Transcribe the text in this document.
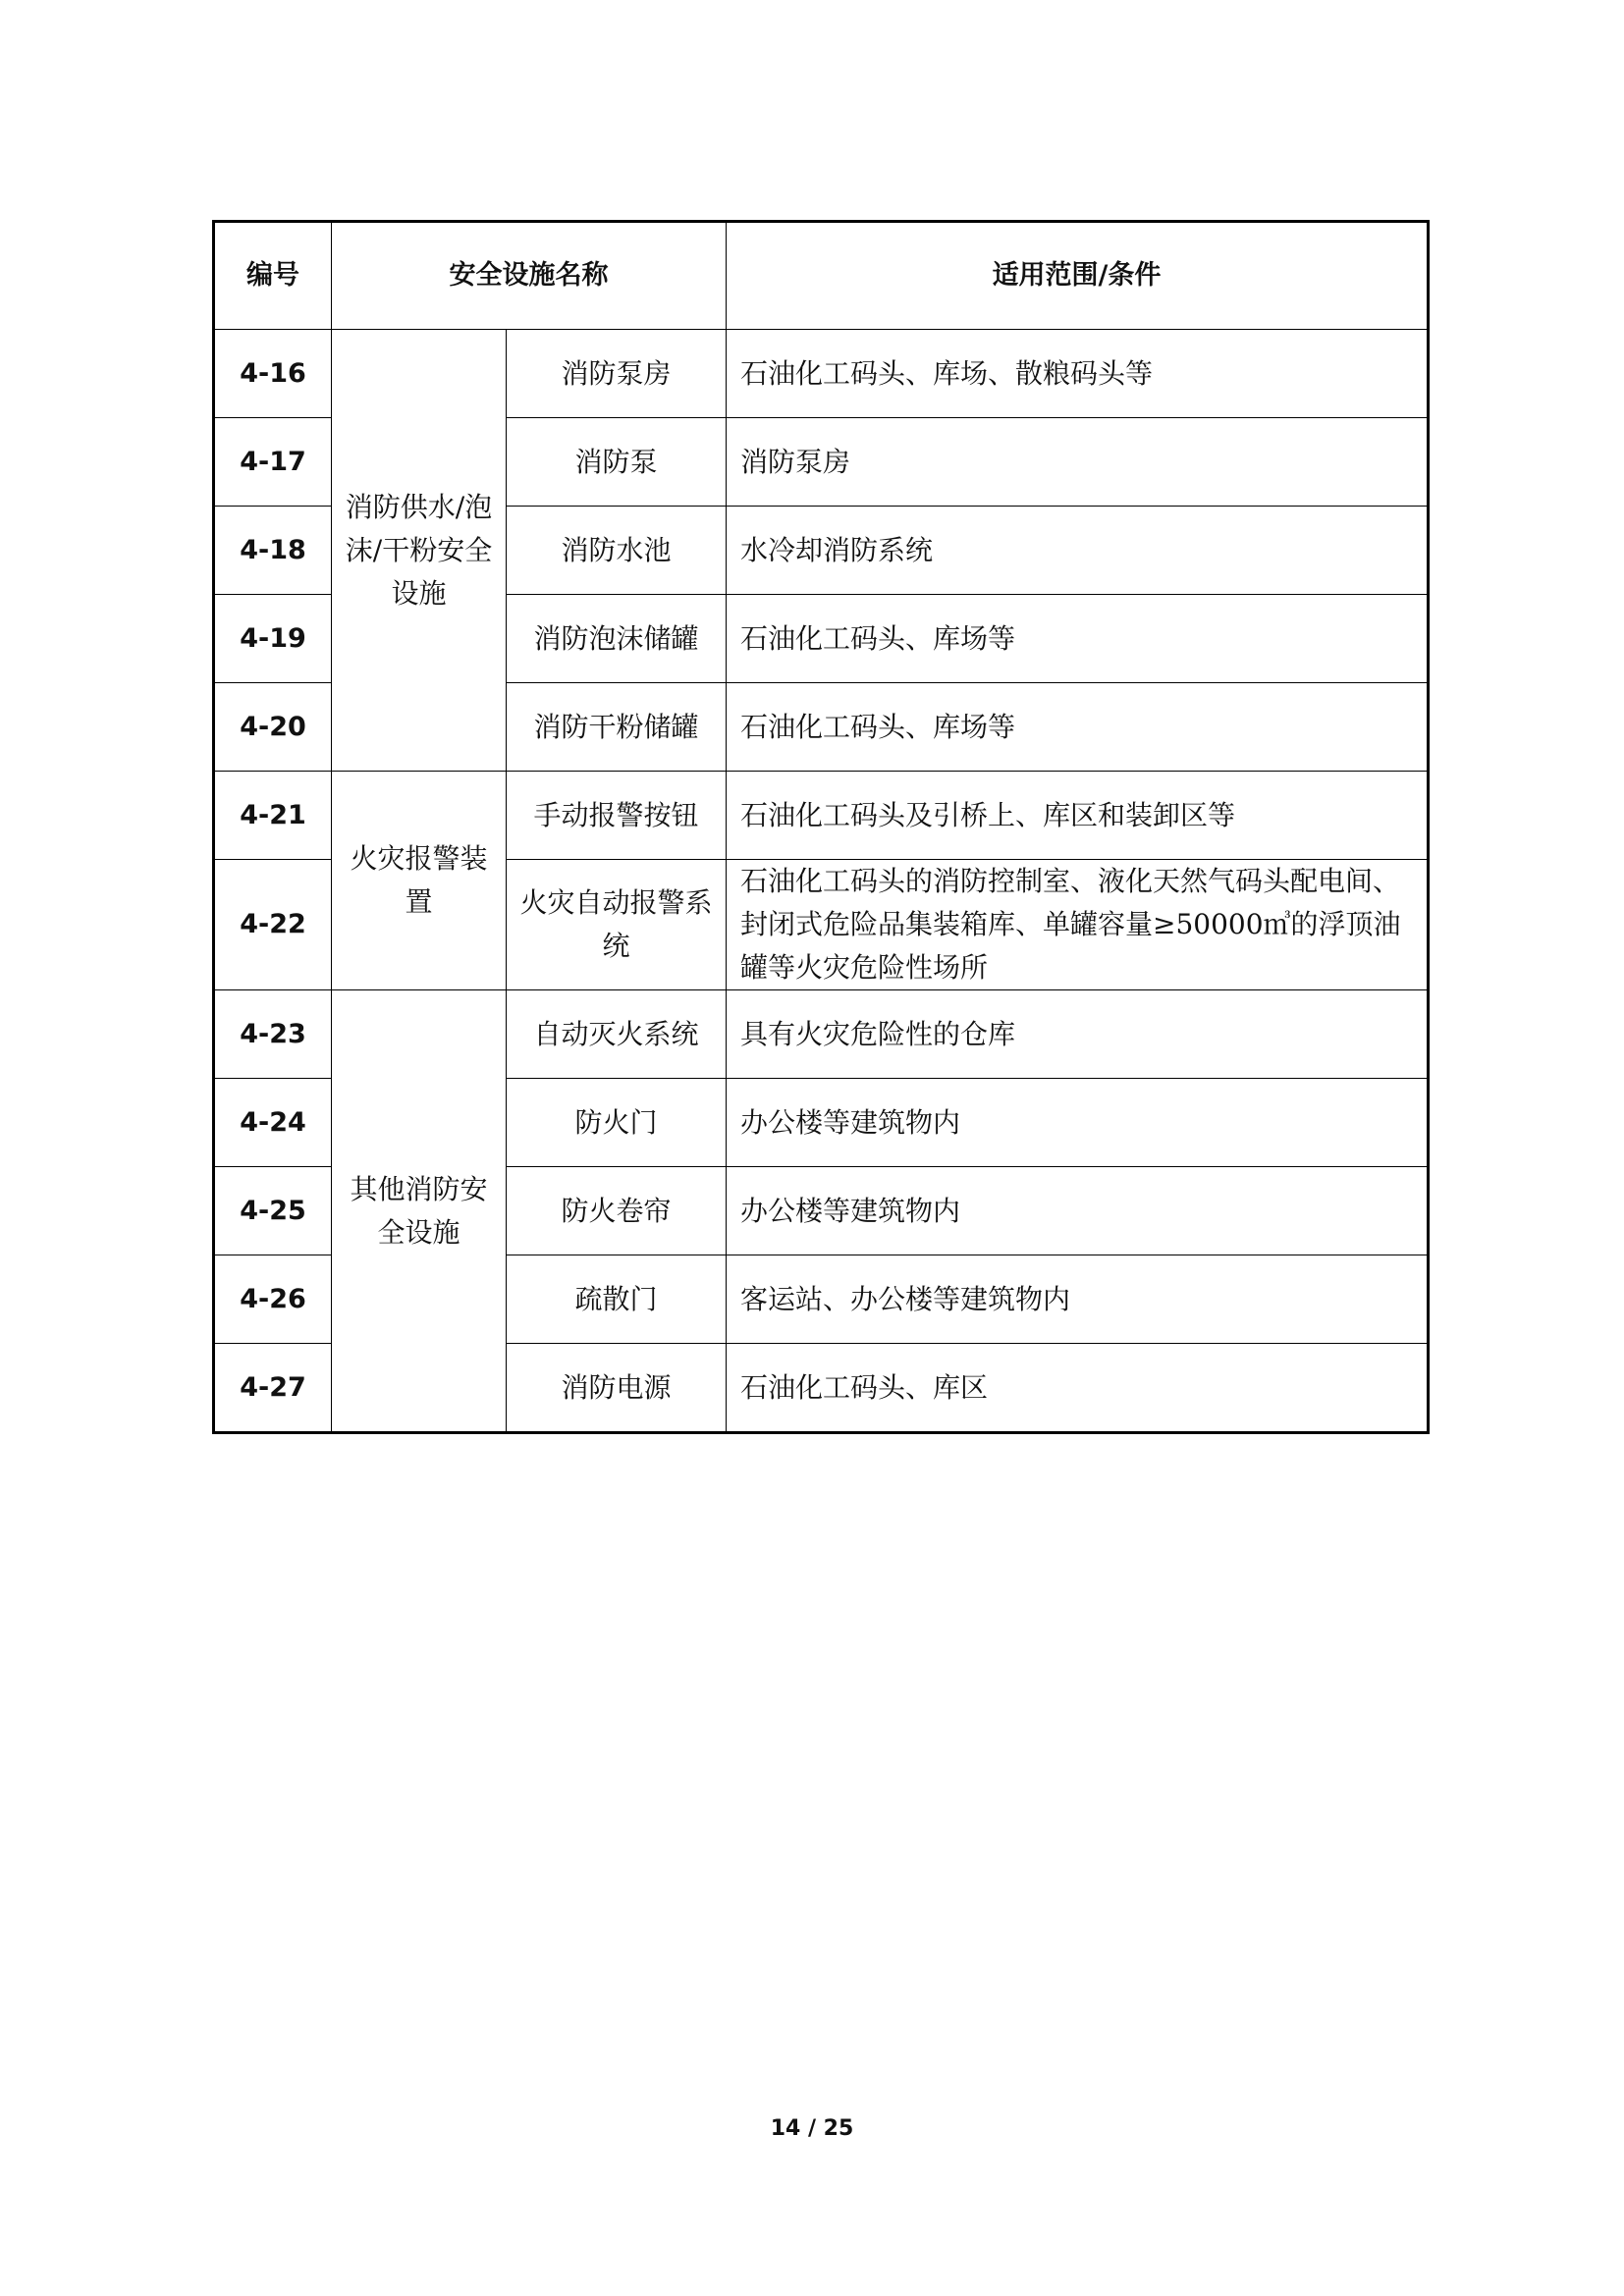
编号	安全设施名称		适用范围/条件
4-16	消防供水/泡沫/干粉安全设施	消防泵房	石油化工码头、库场、散粮码头等
4-17		消防泵	消防泵房
4-18		消防水池	水冷却消防系统
4-19		消防泡沫储罐	石油化工码头、库场等
4-20		消防干粉储罐	石油化工码头、库场等
4-21	火灾报警装置	手动报警按钮	石油化工码头及引桥上、库区和装卸区等
4-22		火灾自动报警系统	石油化工码头的消防控制室、液化天然气码头配电间、封闭式危险品集装箱库、单罐容量≥50000㎥的浮顶油罐等火灾危险性场所
4-23	其他消防安全设施	自动灭火系统	具有火灾危险性的仓库
4-24		防火门	办公楼等建筑物内
4-25		防火卷帘	办公楼等建筑物内
4-26		疏散门	客运站、办公楼等建筑物内
4-27		消防电源	石油化工码头、库区
14 / 25
